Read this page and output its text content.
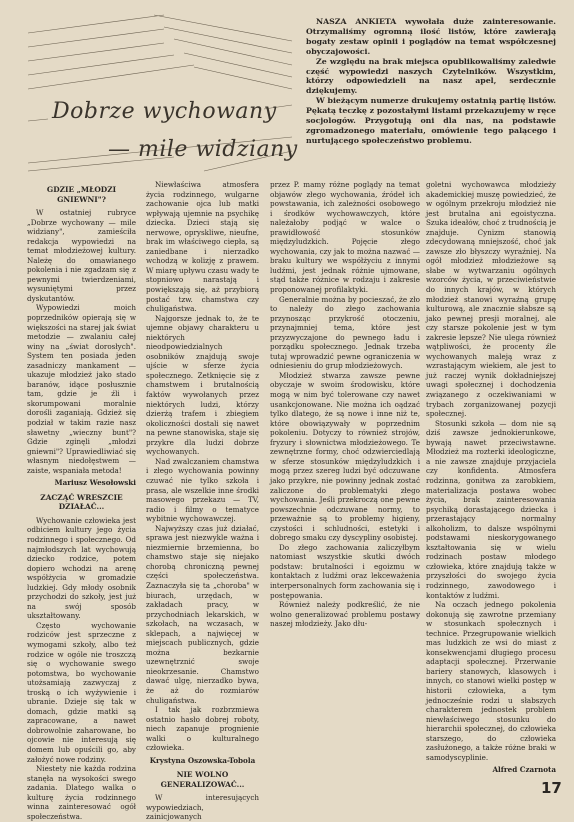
Dobrze wychowany
— mile widziany

NASZA ANKIETA wywołała duże zainteresowanie. Otrzymaliśmy ogromną ilość listów, które zawierają bogaty zestaw opinii i poglądów na temat współczesnej obyczajowości.

Ze względu na brak miejsca opublikowaliśmy zaledwie część wypowiedzi naszych Czytelników. Wszystkim, którzy odpowiedzieli na nasz apel, serdecznie dziękujemy.

W bieżącym numerze drukujemy ostatnią partię listów. Pękatą teczkę z pozostałymi listami przekazujemy w ręce socjologów. Przygotują oni dla nas, na podstawie zgromadzonego materiału, omówienie tego palącego i nurtującego społeczeństwo problemu.

GDZIE „MŁODZI GNIEWNI"?

W ostatniej rubryce „Dobrze wychowany — mile widziany", zamieściła redakcja wypowiedzi na temat młodzieżowej kultury. Należę do omawianego pokolenia i nie zgadzam się z pewnymi twierdzeniami, wysuniętymi przez dyskutantów.

Wypowiedzi moich poprzedników opierają się w większości na starej jak świat metodzie — zwalaniu całej winy na „świat dorosłych". System ten posiada jeden zasadniczy mankament — ukazuje młodzież jako stado baranów, idące posłusznie tam, gdzie je źli i skorumpowani moralnie dorośli zaganiają. Gdzież się podział w takim razie nasz sławetny „wieczny bunt"? Gdzie zginęli „młodzi gniewni"? Uprawiedliwiać się własnym niedołęstwem — zaiste, wspaniała metoda!

Mariusz Wesołowski
ZACZĄĆ WRESZCIE DZIAŁAĆ...

Wychowanie człowieka jest odbiciem kultury jego życia rodzinnego i społecznego. Od najmłodszych lat wychowują dziecko rodzice, potem dopiero wchodzi na arenę współżycia w gromadzie ludzkiej. Gdy młody osobnik przychodzi do szkoły, jest już na swój sposób ukształtowany.

Często wychowanie rodziców jest sprzeczne z wymogami szkoły, albo też rodzice w ogóle nie troszczą się o wychowanie swego potomstwa, bo wychowanie utożsamiają zazwyczaj z troską o ich wyżywienie i ubranie. Dzieje się tak w domach, gdzie matki są zapracowane, a nawet dobrowolnie zaharowane, bo ojcowie nie interesują się domem lub opuścili go, aby założyć nowe rodziny.

Niestety nie każda rodzina stanęła na wysokości swego zadania. Dlatego walka o kulturę życia rodzinnego winna zainteresować ogół społeczeństwa.

Niewłaściwa atmosfera życia rodzinnego, wulgarne zachowanie ojca lub matki wpływają ujemnie na psychikę dziecka. Dzieci stają się nerwowe, opryskliwe, nieufne, brak im właściwego ciepła, są zaniedbane i nierzadko wchodzą w kolizję z prawem. W miarę upływu czasu wady te stopniowo narastają i powiększają się, aż przybiorą postać tzw. chamstwa czy chuligaństwa.

Najgorsze jednak to, że te ujemne objawy charakteru u niektórych nieodpowiedzialnych osobników znajdują swoje ujście w sferze życia społecznego. Zetknięcie się z chamstwem i brutalnością faktów wywołanych przez niektórych ludzi, którzy dzierżą trafem i zbiegiem okoliczności dostali się nawet na pewne stanowiska, staje się przykre dla ludzi dobrze wychowanych.

Nad zwalczaniem chamstwa i złego wychowania powinny czuwać nie tylko szkoła i prasa, ale wszelkie inne środki masowego przekazu — TV, radio i filmy o tematyce wybitnie wychowawczej.

Najwyższy czas już działać, sprawa jest niezwykle ważna i niezmiernie brzemienna, bo chamstwo staje się niejako chorobą chroniczną pewnej części społeczeństwa. Zaznaczyła się ta „choroba" w biurach, urzędach, w zakładach pracy, w przychodniach lekarskich, w szkołach, na wczasach, w sklepach, a najwięcej w miejscach publicznych, gdzie można bezkarnie uzewnętrznić swoje nieokrzesanie. Chamstwo dawać ulgę, nierzadko bywa, że aż do rozmiarów chuligaństwa.

I tak jak rozbrzmiewa ostatnio hasło dobrej roboty, niech zapanuje prognienie walki o kulturalnego człowieka.

Krystyna Oszowska-Tobola
NIE WOLNO GENERALIZOWAĆ...

W interesujących wypowiedziach, zainicjowanych

przez P. mamy różne poglądy na temat objawów złego wychowania, źródeł ich powstawania, ich zależności osobowego i środków wychowawczych, które należałoby podjąć w walce o prawidłowość stosunków międzyludzkich. Pojęcie złego wychowania, czy jak to można nazwać — braku kultury we współżyciu z innymi ludźmi, jest jednak różnie ujmowane, stąd także różnice w rodzaju i zakresie proponowanej profilaktyki.

Generalnie można by pocieszać, że zło to należy do złego zachowania przynosząc przykrość otoczeniu, przynajmniej tema, które jest przyzwyczajone do pewnego ładu i porządku społecznego. Jednak trzeba tutaj wprowadzić pewne ograniczenia w odniesieniu do grup młodzieżowych.

Młodzież stwarza zawsze pewne obyczaje w swoim środowisku, które mogą w nim być tolerowane czy nawet usankcjonowane. Nie można ich oądzać tylko dlatego, że są nowe i inne niż te, które obowiązywały w poprzednim pokoleniu. Dotyczy to również strojów, fryzury i słownictwa młodzieżowego. Te zewnętrzne formy, choć odzwierciedlają w sferze stosunków międzyludzkich i mogą przez szereg ludzi być odczuwane jako przykre, nie powinny jednak zostać zaliczone do problematyki złego wychowania. Jeśli przekroczą one pewne powszechnie odczuwane normy, to przeważnie są to problemy higieny, czystości i schludności, estetyki i dobrego smaku czy dyscypliny osobistej.

Do złego zachowania zaliczyłbym natomiast wszystkie skutki dwóch podstaw: brutalności i egoizmu w kontaktach z ludźmi oraz lekceważenia interpersonalnych form zachowania się i postępowania.

Również należy podkreślić, że nie wolno generalizować problemu postawy naszej młodzieży. Jako dłu-

goletni wychowawca młodzieży akademickiej muszę powiedzieć, że w ogólnym przekroju młodzież nie jest brutalna ani egoistyczna. Szuka ideałów, choć z trudnością je znajduje. Cynizm stanowią zdecydowaną mniejszość, choć jak zawsze zło błyszczy wyraźniej. Na ogół młodzież młodzieżowe są słabe w wytwarzaniu ogólnych wzorców życia, w przeciwieństwie do innych krajów, w których młodzież stanowi wyraźną grupę kulturową, ale znacznie słabsze są jako pewnej presji moralnej, ale czy starsze pokolenie jest w tym zakresie lepsze? Nie ulega również wątpliwości, że procenty źle wychowanych maleją wraz z wzrastającym wiekiem, ale jest to już raczej wynik dokładniejszej uwagi społecznej i dochodzenia związanego z oczekiwaniami w trybach zorganizowanej pozycji społecznej.

Stosunki szkoła — dom nie są dziś zawsze jednokierunkowe, bywają nawet przeciwstawne. Młodzież ma rozterki ideologiczne, a nie zawsze znajduje przyjaciela czy konfidenta. Atmosfera rodzinna, gonitwa za zarobkiem, materializacja postawa wobec życia, brak zainteresowania psychiką dorastającego dziecka i przerastający normalny alkoholizm, to dalsze wspólnymi podstawami nieskorygowanego kształtowania się w wielu rodzinach postaw młodego człowieka, które znajdują także w przyszłości do swojego życia rodzinnego, zawodowego i kontaktów z ludźmi.

Na oczach jednego pokolenia dokonują się zawrotne przemiany w stosunkach społecznych i technice. Przegrupowanie wielkich mas ludzkich ze wsi do miast z konsekwencjami długiego procesu adaptacji społecznej. Przerwanie bariery stanowych, klasowych i innych, co stanowi wielki postęp w historii człowieka, a tym jednocześnie rodzi u słabszych charakterem jednostek problem niewłaściwego stosunku do hierarchii społecznej, do człowieka starszego, do człowieka zasłużonego, a także różne braki w samodyscyplinie.

Alfred Czarnota
17
